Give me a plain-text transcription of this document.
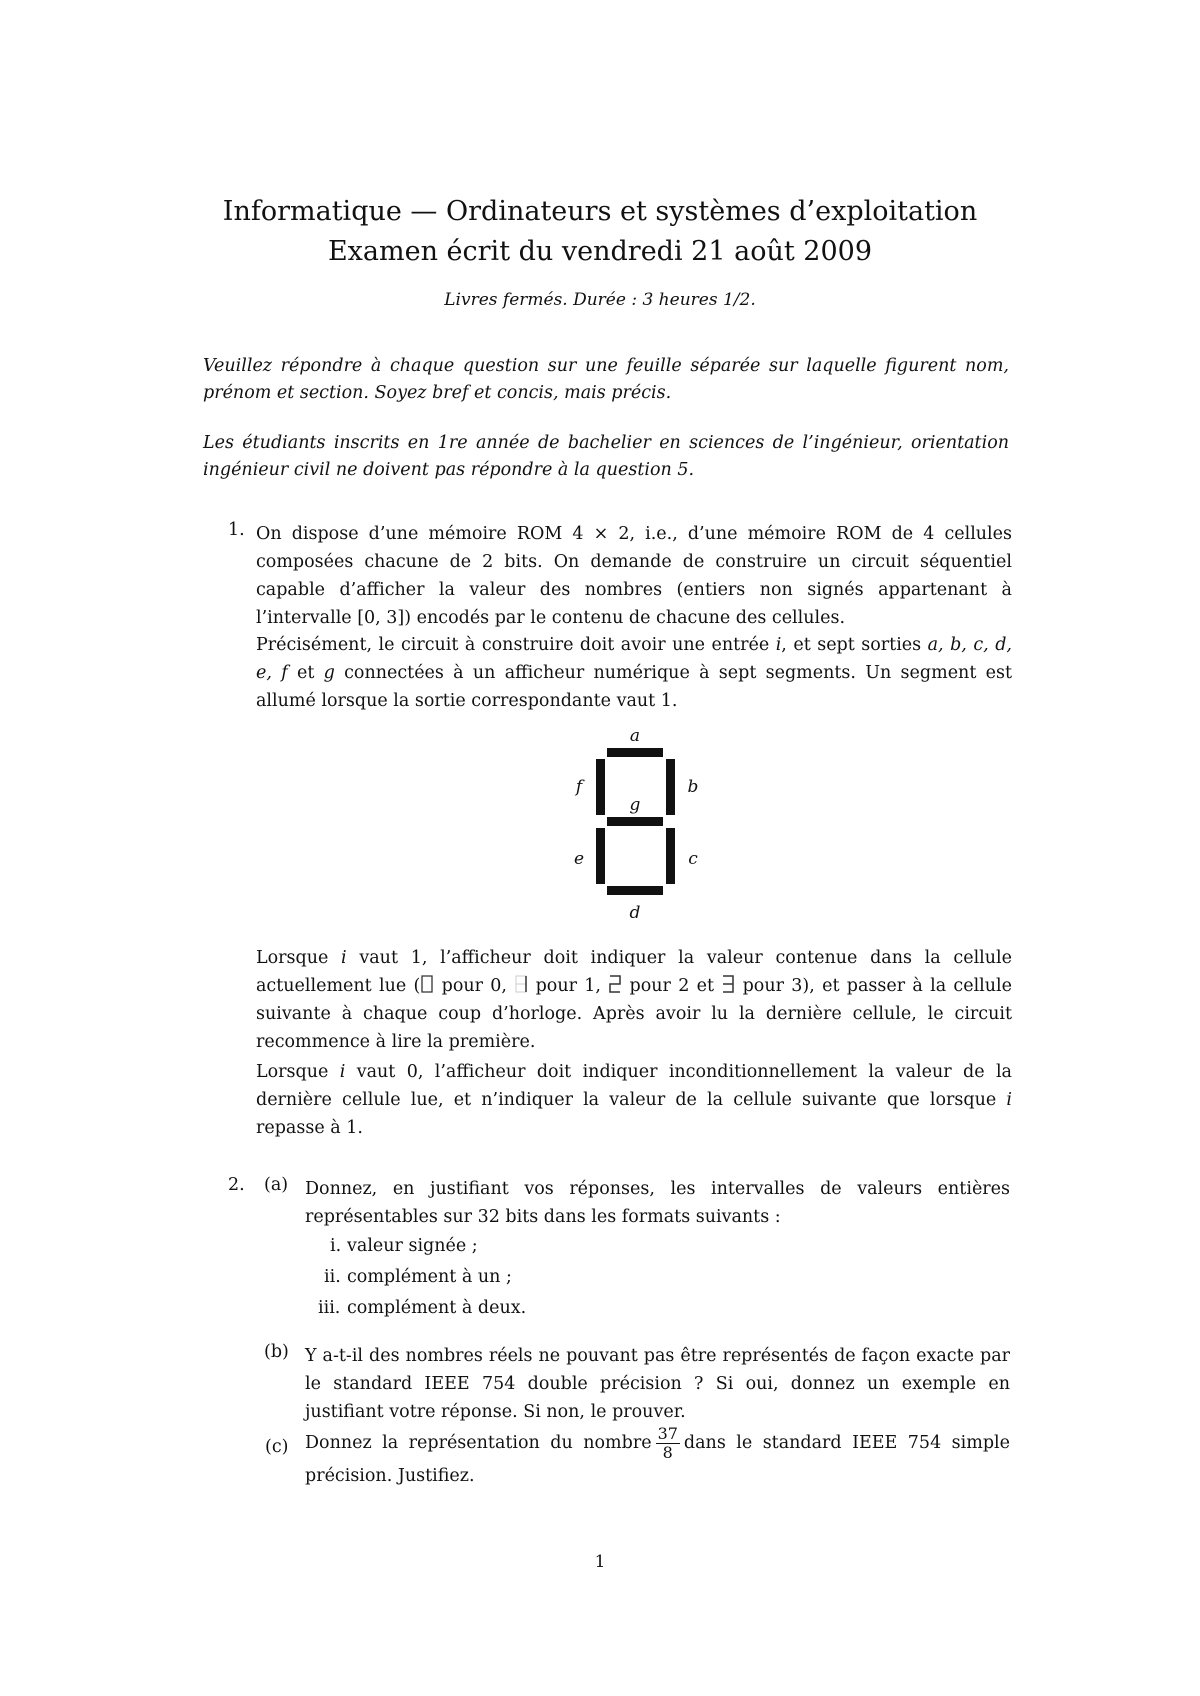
Informatique — Ordinateurs et systèmes d’exploitation
Examen écrit du vendredi 21 août 2009
Livres fermés. Durée : 3 heures 1/2.
Veuillez répondre à chaque question sur une feuille séparée sur laquelle figurent nom, prénom et section. Soyez bref et concis, mais précis.
Les étudiants inscrits en 1re année de bachelier en sciences de l’ingénieur, orientation ingénieur civil ne doivent pas répondre à la question 5.
1. On dispose d’une mémoire ROM 4 × 2, i.e., d’une mémoire ROM de 4 cellules composées chacune de 2 bits. On demande de construire un circuit séquentiel capable d’afficher la valeur des nombres (entiers non signés appartenant à l’intervalle [0, 3]) encodés par le contenu de chacune des cellules.
Précisément, le circuit à construire doit avoir une entrée i, et sept sorties a, b, c, d, e, f et g connectées à un afficheur numérique à sept segments. Un segment est allumé lorsque la sortie correspondante vaut 1.
a
f	b
g
e	c
d
Lorsque i vaut 1, l’afficheur doit indiquer la valeur contenue dans la cellule actuellement lue ( pour 0,  pour 1,  pour 2 et  pour 3), et passer à la cellule suivante à chaque coup d’horloge. Après avoir lu la dernière cellule, le circuit recommence à lire la première.
Lorsque i vaut 0, l’afficheur doit indiquer inconditionnellement la valeur de la dernière cellule lue, et n’indiquer la valeur de la cellule suivante que lorsque i repasse à 1.
2. (a) Donnez, en justifiant vos réponses, les intervalles de valeurs entières représentables sur 32 bits dans les formats suivants :
i. valeur signée ;
ii. complément à un ;
iii. complément à deux.
(b) Y a-t-il des nombres réels ne pouvant pas être représentés de façon exacte par le standard IEEE 754 double précision ? Si oui, donnez un exemple en justifiant votre réponse. Si non, le prouver.
(c) Donnez la représentation du nombre $\frac{37}{8}$ dans le standard IEEE 754 simple précision. Justifiez.
1
